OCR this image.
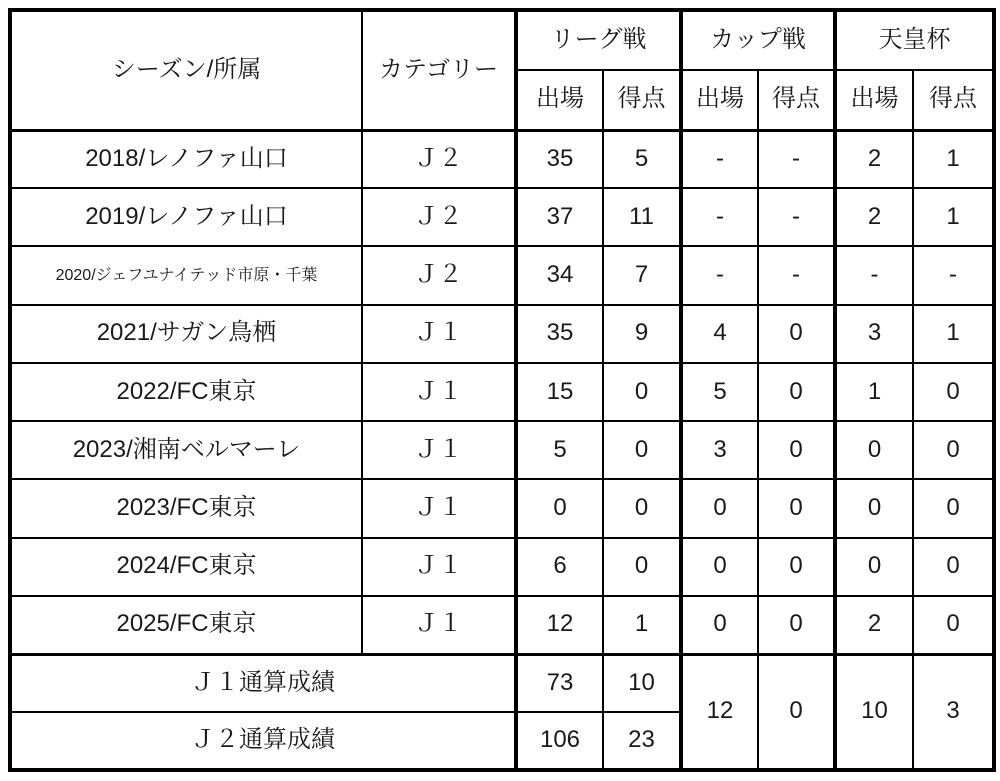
シーズン/所属	カテゴリー	リーグ戦		カップ戦		天皇杯	
		出場	得点	出場	得点	出場	得点
2018/レノファ山口	Ｊ２	35	5	-	-	2	1
2019/レノファ山口	Ｊ２	37	11	-	-	2	1
2020/ジェフユナイテッド市原・千葉	Ｊ２	34	7	-	-	-	-
2021/サガン鳥栖	Ｊ１	35	9	4	0	3	1
2022/FC東京	Ｊ１	15	0	5	0	1	0
2023/湘南ベルマーレ	Ｊ１	5	0	3	0	0	0
2023/FC東京	Ｊ１	0	0	0	0	0	0
2024/FC東京	Ｊ１	6	0	0	0	0	0
2025/FC東京	Ｊ１	12	1	0	0	2	0
Ｊ１通算成績		73	10	12	0	10	3
Ｊ２通算成績		106	23				
